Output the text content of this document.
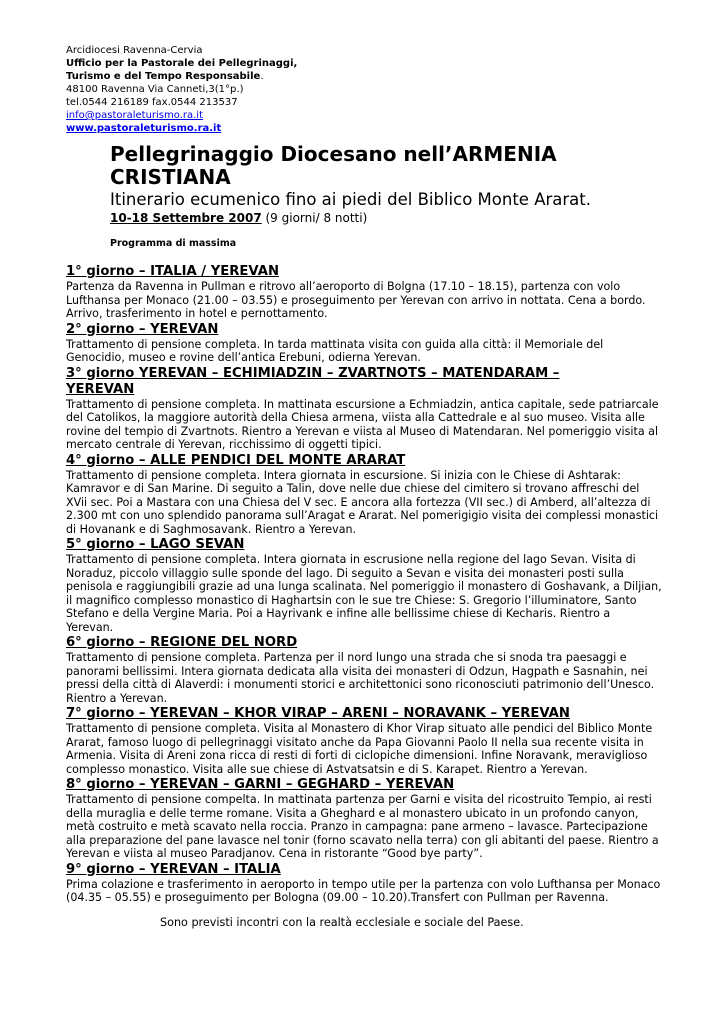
Arcidiocesi Ravenna-Cervia
Ufficio per la Pastorale dei Pellegrinaggi,
Turismo e del Tempo Responsabile.
48100 Ravenna Via Canneti,3(1°p.)
tel.0544 216189 fax.0544 213537
info@pastoraleturismo.ra.it
www.pastoraleturismo.ra.it
Pellegrinaggio Diocesano nell’ARMENIA
CRISTIANA
Itinerario ecumenico fino ai piedi del Biblico Monte Ararat.
10-18 Settembre 2007 (9 giorni/ 8 notti)
Programma di massima
1° giorno – ITALIA / YEREVAN
Partenza da Ravenna in Pullman e ritrovo all’aeroporto di Bolgna (17.10 – 18.15), partenza con volo
Lufthansa per Monaco (21.00 – 03.55) e proseguimento per Yerevan con arrivo in nottata. Cena a bordo.
Arrivo, trasferimento in hotel e pernottamento.
2° giorno – YEREVAN
Trattamento di pensione completa. In tarda mattinata visita con guida alla città: il Memoriale del
Genocidio, museo e rovine dell’antica Erebuni, odierna Yerevan.
3° giorno YEREVAN – ECHIMIADZIN – ZVARTNOTS – MATENDARAM –
YEREVAN
Trattamento di pensione completa. In mattinata escursione a Echmiadzin, antica capitale, sede patriarcale
del Catolikos, la maggiore autorità della Chiesa armena, viista alla Cattedrale e al suo museo. Visita alle
rovine del tempio di Zvartnots. Rientro a Yerevan e viista al Museo di Matendaran. Nel pomeriggio visita al
mercato centrale di Yerevan, ricchissimo di oggetti tipici.
4° giorno – ALLE PENDICI DEL MONTE ARARAT
Trattamento di pensione completa. Intera giornata in escursione. Si inizia con le Chiese di Ashtarak:
Kamravor e di San Marine. Di seguito a Talin, dove nelle due chiese del cimitero si trovano affreschi del
XVii sec. Poi a Mastara con una Chiesa del V sec. E ancora alla fortezza (VII sec.) di Amberd, all’altezza di
2.300 mt con uno splendido panorama sull’Aragat e Ararat. Nel pomerigigio visita dei complessi monastici
di Hovanank e di Saghmosavank. Rientro a Yerevan.
5° giorno – LAGO SEVAN
Trattamento di pensione completa. Intera giornata in escrusione nella regione del lago Sevan. Visita di
Noraduz, piccolo villaggio sulle sponde del lago. Di seguito a Sevan e visita dei monasteri posti sulla
penisola e raggiungibili grazie ad una lunga scalinata. Nel pomeriggio il monastero di Goshavank, a Diljian,
il magnifico complesso monastico di Haghartsin con le sue tre Chiese: S. Gregorio l’illuminatore, Santo
Stefano e della Vergine Maria. Poi a Hayrivank e infine alle bellissime chiese di Kecharis. Rientro a
Yerevan.
6° giorno – REGIONE DEL NORD
Trattamento di pensione completa. Partenza per il nord lungo una strada che si snoda tra paesaggi e
panorami bellissimi. Intera giornata dedicata alla visita dei monasteri di Odzun, Hagpath e Sasnahin, nei
pressi della città di Alaverdi: i monumenti storici e architettonici sono riconosciuti patrimonio dell’Unesco.
Rientro a Yerevan.
7° giorno – YEREVAN – KHOR VIRAP – ARENI – NORAVANK – YEREVAN
Trattamento di pensione completa. Visita al Monastero di Khor Virap situato alle pendici del Biblico Monte
Ararat, famoso luogo di pellegrinaggi visitato anche da Papa Giovanni Paolo II nella sua recente visita in
Armenia. Visita di Areni zona ricca di resti di forti di ciclopiche dimensioni. Infine Noravank, meraviglioso
complesso monastico. Visita alle sue chiese di Astvatsatsin e di S. Karapet. Rientro a Yerevan.
8° giorno – YEREVAN – GARNI – GEGHARD – YEREVAN
Trattamento di pensione compelta. In mattinata partenza per Garni e visita del ricostruito Tempio, ai resti
della muraglia e delle terme romane. Visita a Gheghard e al monastero ubicato in un profondo canyon,
metà costruito e metà scavato nella roccia. Pranzo in campagna: pane armeno – lavasce. Partecipazione
alla preparazione del pane lavasce nel tonir (forno scavato nella terra) con gli abitanti del paese. Rientro a
Yerevan e viista al museo Paradjanov. Cena in ristorante “Good bye party”.
9° giorno – YEREVAN – ITALIA
Prima colazione e trasferimento in aeroporto in tempo utile per la partenza con volo Lufthansa per Monaco
(04.35 – 05.55) e proseguimento per Bologna (09.00 – 10.20).Transfert con Pullman per Ravenna.
Sono previsti incontri con la realtà ecclesiale e sociale del Paese.
